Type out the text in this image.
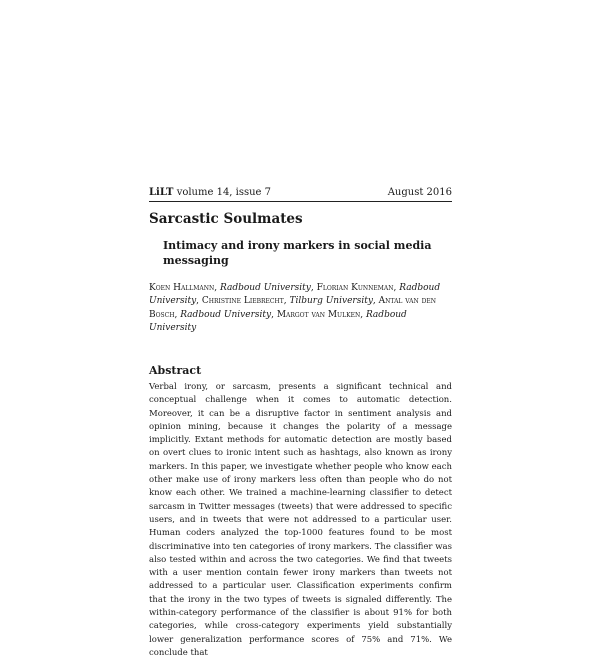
LiLT volume 14, issue 7	August 2016
Sarcastic Soulmates
Intimacy and irony markers in social media messaging
Koen Hallmann, Radboud University, Florian Kunneman, Radboud University, Christine Liebrecht, Tilburg University, Antal van den Bosch, Radboud University, Margot van Mulken, Radboud University
Abstract
Verbal irony, or sarcasm, presents a significant technical and conceptual challenge when it comes to automatic detection. Moreover, it can be a disruptive factor in sentiment analysis and opinion mining, because it changes the polarity of a message implicitly. Extant methods for automatic detection are mostly based on overt clues to ironic intent such as hashtags, also known as irony markers. In this paper, we investigate whether people who know each other make use of irony markers less often than people who do not know each other. We trained a machine-learning classifier to detect sarcasm in Twitter messages (tweets) that were addressed to specific users, and in tweets that were not addressed to a particular user. Human coders analyzed the top-1000 features found to be most discriminative into ten categories of irony markers. The classifier was also tested within and across the two categories. We find that tweets with a user mention contain fewer irony markers than tweets not addressed to a particular user. Classification experiments confirm that the irony in the two types of tweets is signaled differently. The within-category performance of the classifier is about 91% for both categories, while cross-category experiments yield substantially lower generalization performance scores of 75% and 71%. We conclude that
